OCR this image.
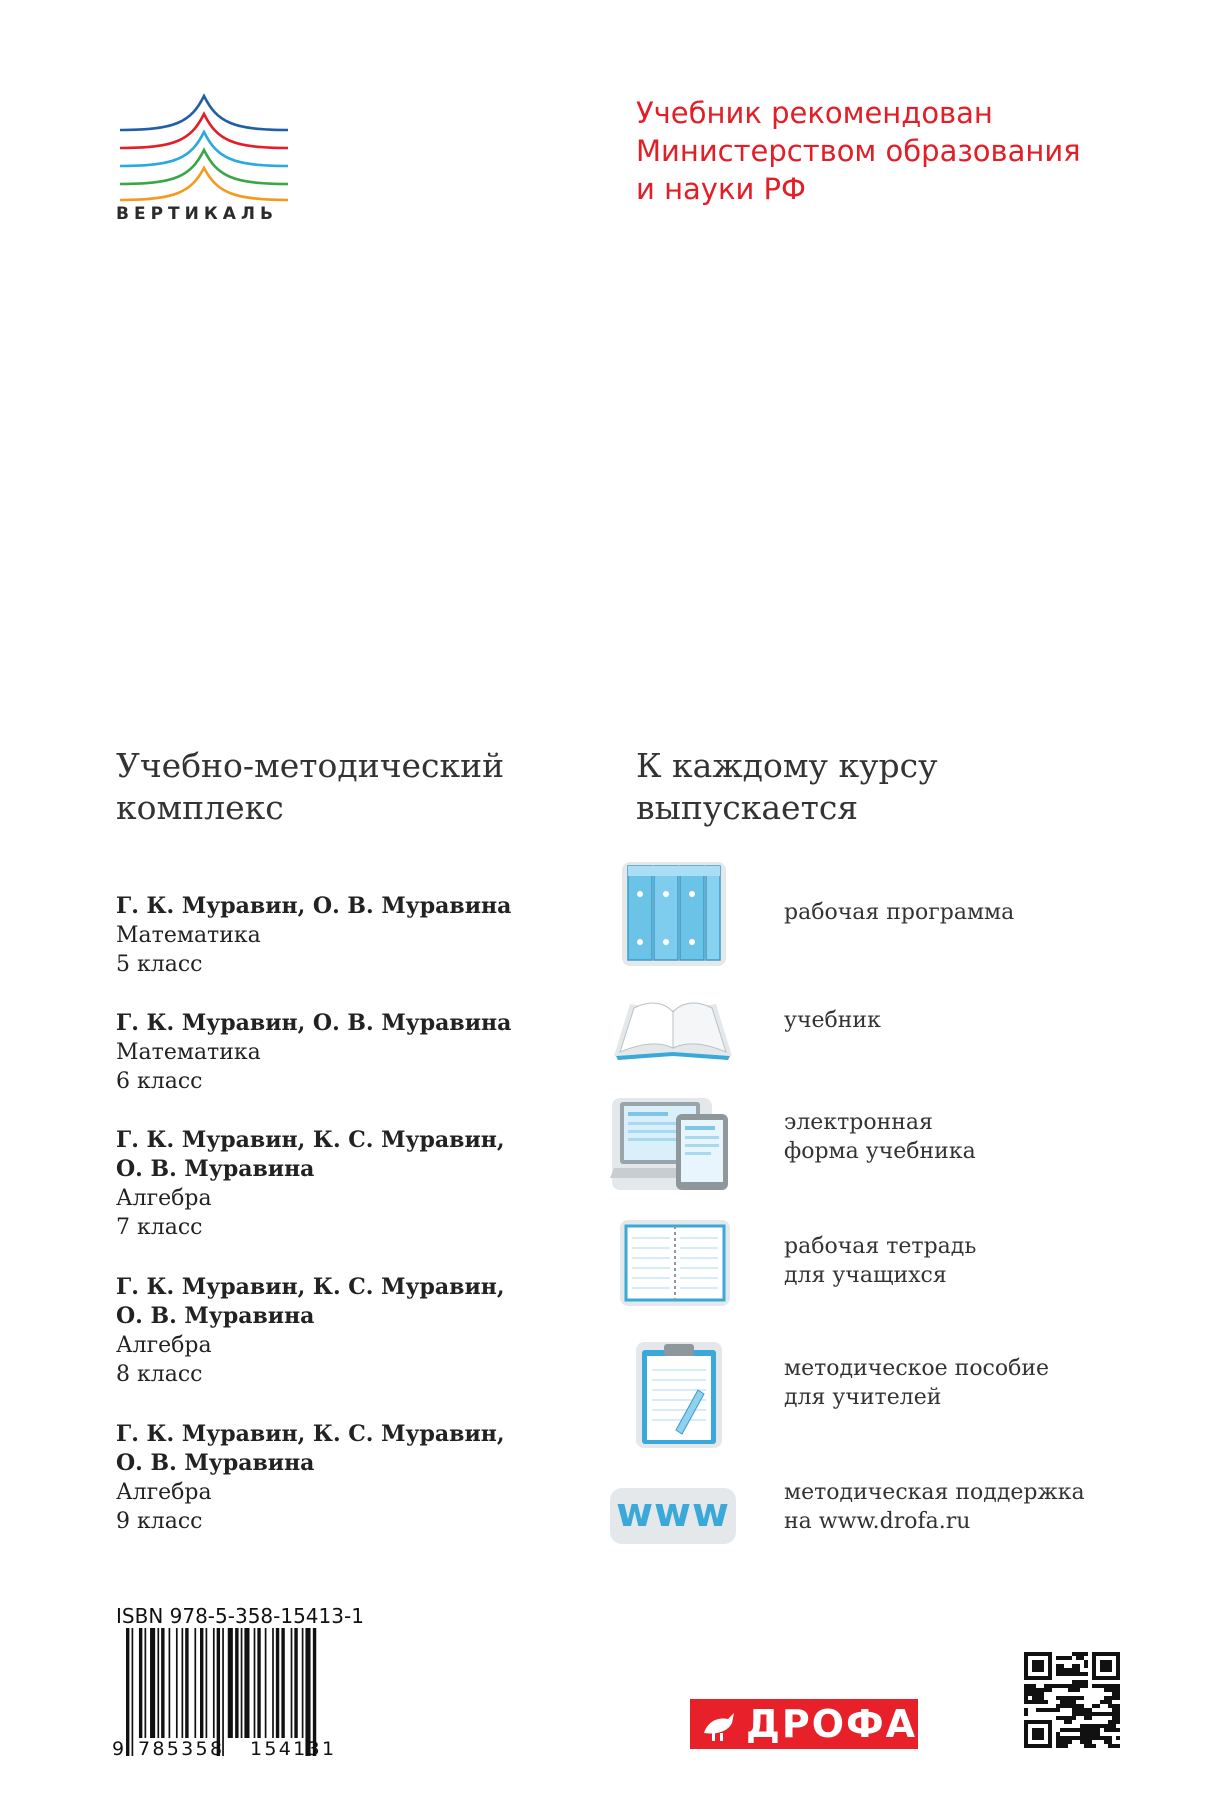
ВЕРТИКАЛЬ
Учебник рекомендован
Министерством образования
и науки РФ
Учебно-методический
комплекс
Г. К. Муравин, О. В. Муравина
Математика
5 класс
Г. К. Муравин, О. В. Муравина
Математика
6 класс
Г. К. Муравин, К. С. Муравин,
О. В. Муравина
Алгебра
7 класс
Г. К. Муравин, К. С. Муравин,
О. В. Муравина
Алгебра
8 класс
Г. К. Муравин, К. С. Муравин,
О. В. Муравина
Алгебра
9 класс
К каждому курсу
выпускается
рабочая программа
учебник
электронная
форма учебника
рабочая тетрадь
для учащихся
методическое пособие
для учителей
www методическая поддержка
на www.drofa.ru
ISBN 978-5-358-15413-1
9 785358 154131
ДРОФА
